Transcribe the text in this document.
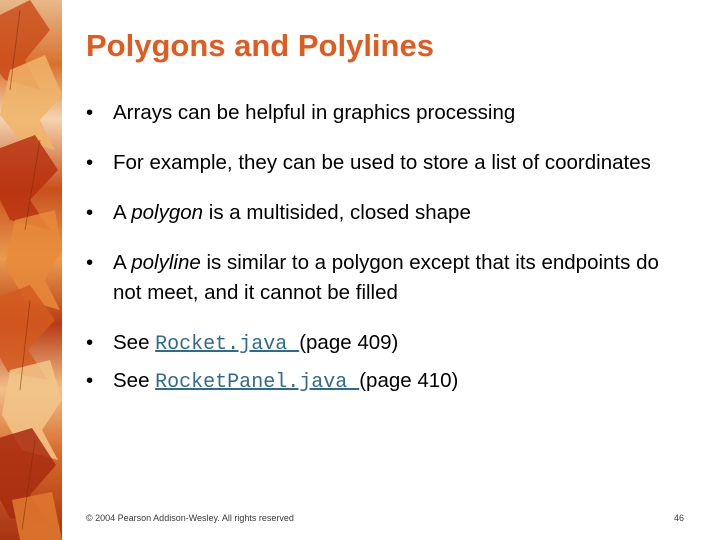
Polygons and Polylines

• Arrays can be helpful in graphics processing

• For example, they can be used to store a list of coordinates

• A polygon is a multisided, closed shape

• A polyline is similar to a polygon except that its endpoints do not meet, and it cannot be filled

• See Rocket.java (page 409)

• See RocketPanel.java (page 410)

© 2004 Pearson Addison-Wesley. All rights reserved	46
